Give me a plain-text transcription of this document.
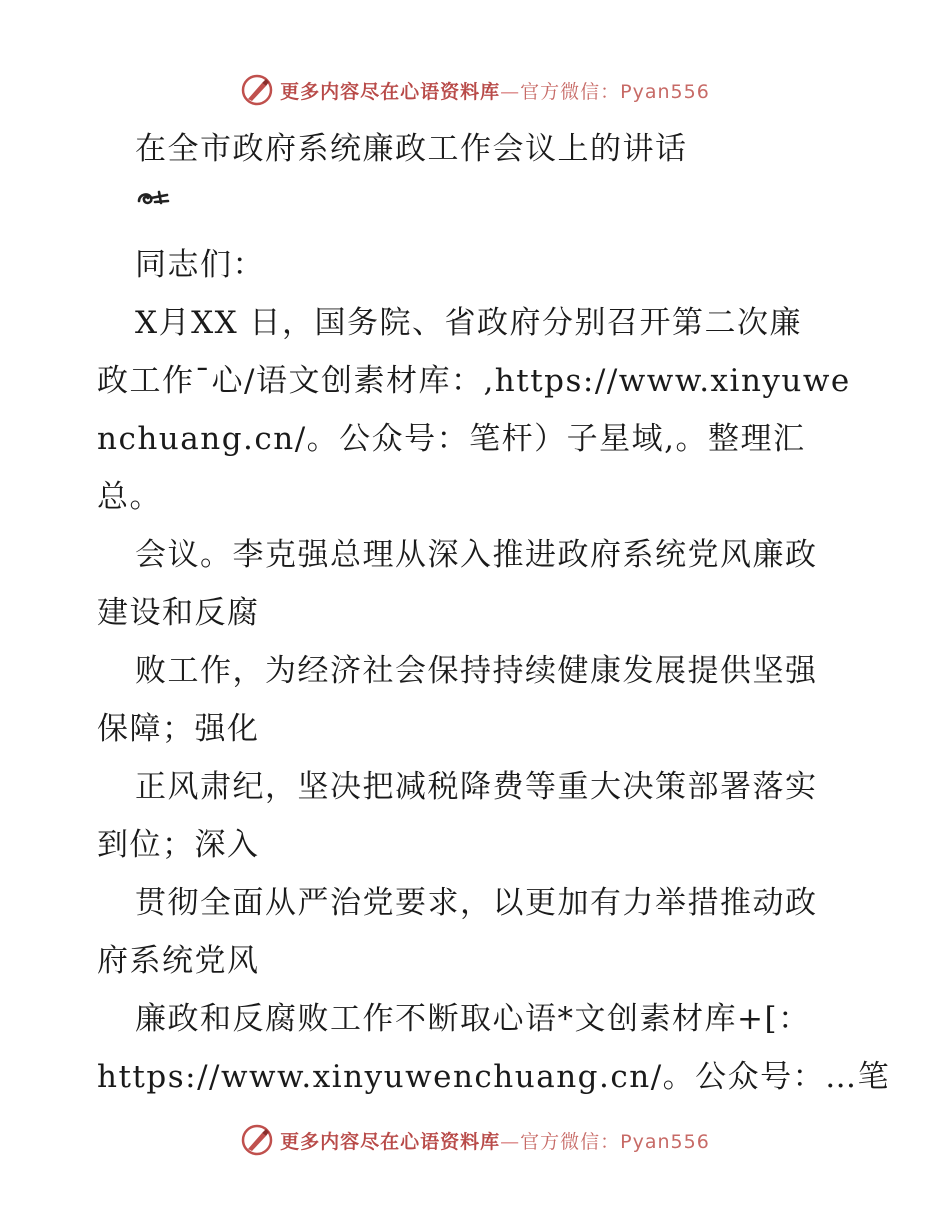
更多内容尽在心语资料库—官方微信：Pyan556
在全市政府系统廉政工作会议上的讲话
同志们：
X月XX 日，国务院、省政府分别召开第二次廉
政工作¯心/语文创素材库：,https://www.xinyuwe
nchuang.cn/。公众号：笔杆）子星域,。整理汇
总。
会议。李克强总理从深入推进政府系统党风廉政
建设和反腐
败工作，为经济社会保持持续健康发展提供坚强
保障；强化
正风肃纪，坚决把减税降费等重大决策部署落实
到位；深入
贯彻全面从严治党要求，以更加有力举措推动政
府系统党风
廉政和反腐败工作不断取心语*文创素材库+[：
https://www.xinyuwenchuang.cn/。公众号：…笔
更多内容尽在心语资料库—官方微信：Pyan556
